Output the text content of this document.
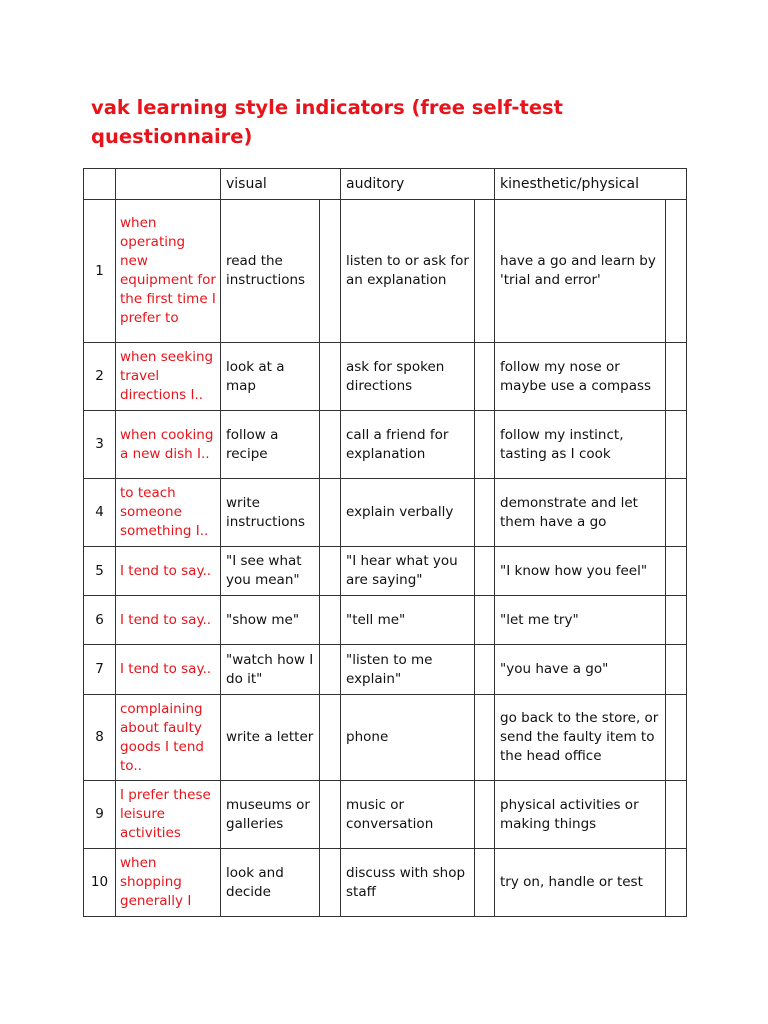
vak learning style indicators (free self-test questionnaire)
		visual		auditory		kinesthetic/physical	
1	when operating new equipment for the first time I prefer to	read the instructions		listen to or ask for an explanation		have a go and learn by 'trial and error'	
2	when seeking travel directions I..	look at a map		ask for spoken directions		follow my nose or maybe use a compass	
3	when cooking a new dish I..	follow a recipe		call a friend for explanation		follow my instinct, tasting as I cook	
4	to teach someone something I..	write instructions		explain verbally		demonstrate and let them have a go	
5	I tend to say..	"I see what you mean"		"I hear what you are saying"		"I know how you feel"	
6	I tend to say..	"show me"		"tell me"		"let me try"	
7	I tend to say..	"watch how I do it"		"listen to me explain"		"you have a go"	
8	complaining about faulty goods I tend to..	write a letter		phone		go back to the store, or send the faulty item to the head office	
9	I prefer these leisure activities	museums or galleries		music or conversation		physical activities or making things	
10	when shopping generally I	look and decide		discuss with shop staff		try on, handle or test	
